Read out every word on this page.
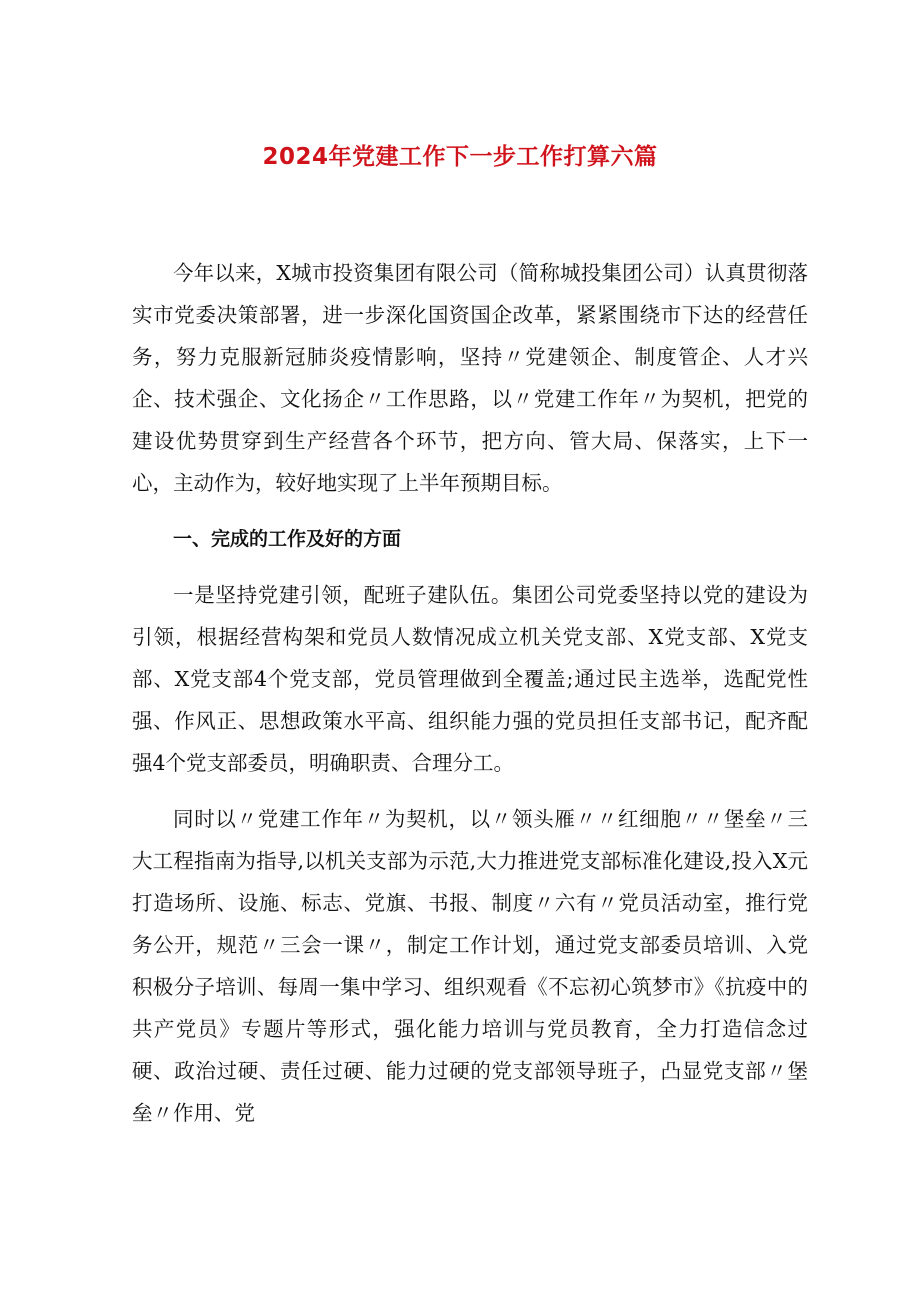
2024年党建工作下一步工作打算六篇

今年以来，X城市投资集团有限公司（简称城投集团公司）认真贯彻落实市党委决策部署，进一步深化国资国企改革，紧紧围绕市下达的经营任务，努力克服新冠肺炎疫情影响，坚持〃党建领企、制度管企、人才兴企、技术强企、文化扬企〃工作思路，以〃党建工作年〃为契机，把党的建设优势贯穿到生产经营各个环节，把方向、管大局、保落实，上下一心，主动作为，较好地实现了上半年预期目标。

一、完成的工作及好的方面

一是坚持党建引领，配班子建队伍。集团公司党委坚持以党的建设为引领，根据经营构架和党员人数情况成立机关党支部、X党支部、X党支部、X党支部4个党支部，党员管理做到全覆盖;通过民主选举，选配党性强、作风正、思想政策水平高、组织能力强的党员担任支部书记，配齐配强4个党支部委员，明确职责、合理分工。

同时以〃党建工作年〃为契机，以〃领头雁〃〃红细胞〃〃堡垒〃三大工程指南为指导,以机关支部为示范,大力推进党支部标准化建设,投入X元打造场所、设施、标志、党旗、书报、制度〃六有〃党员活动室，推行党务公开，规范〃三会一课〃，制定工作计划，通过党支部委员培训、入党积极分子培训、每周一集中学习、组织观看《不忘初心筑梦市》《抗疫中的共产党员》专题片等形式，强化能力培训与党员教育，全力打造信念过硬、政治过硬、责任过硬、能力过硬的党支部领导班子，凸显党支部〃堡垒〃作用、党
